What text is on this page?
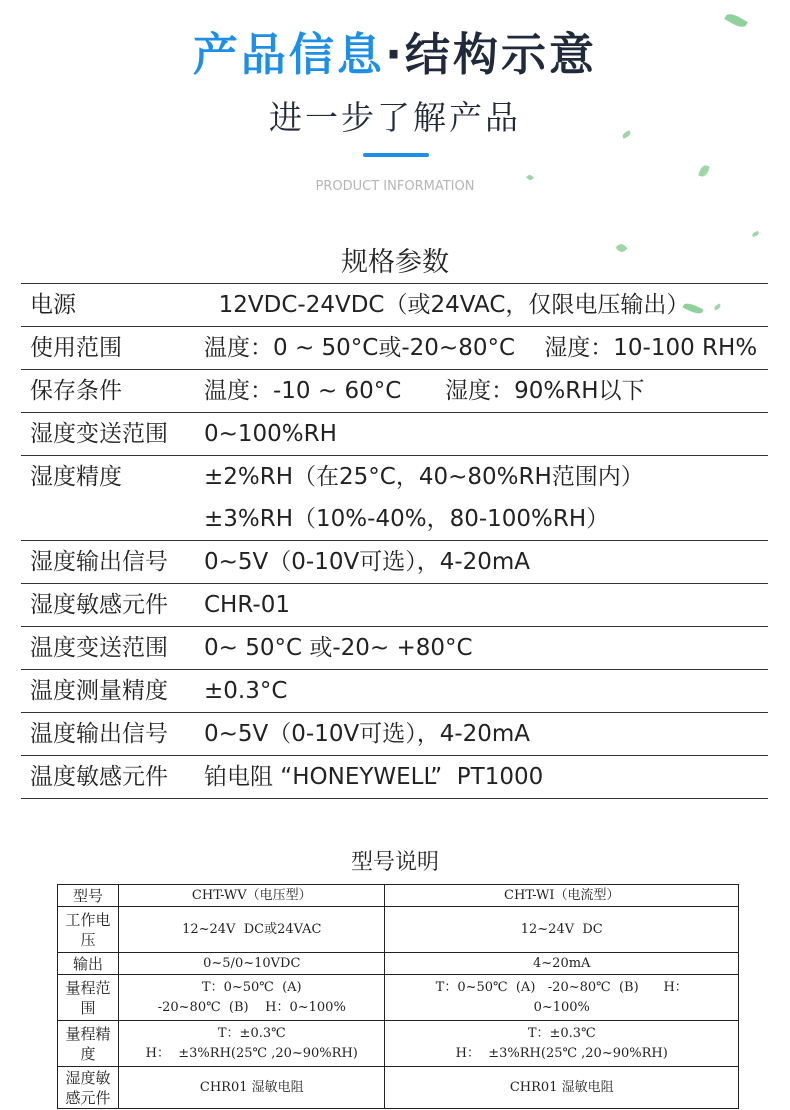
产品信息·结构示意
进一步了解产品
PRODUCT INFORMATION
规格参数
电源	12VDC-24VDC（或24VAC，仅限电压输出）

使用范围	温度：0 ~ 50°C或-20~80°C    湿度：10-100 RH%

保存条件	温度：-10 ~ 60°C      湿度：90%RH以下

湿度变送范围	0~100%RH

湿度精度	±2%RH（在25°C，40~80%RH范围内）
±3%RH（10%-40%，80-100%RH）

湿度输出信号	0~5V（0-10V可选），4-20mA

湿度敏感元件	CHR-01

温度变送范围	0~ 50°C 或-20~ +80°C

温度测量精度	±0.3°C

温度输出信号	0~5V（0-10V可选），4-20mA

温度敏感元件	铂电阻 “HONEYWELL”  PT1000
型号说明
型号	CHT-WV（电压型）	CHT-WI（电流型）

工作电
压	12~24V  DC或24VAC	12~24V  DC

输出	0~5/0~10VDC	4~20mA

量程范
围	T：0~50℃  (A)
-20~80℃  (B)    H：0~100%	T：0~50℃  (A)   -20~80℃  (B)      H：
0~100%

量程精
度	T：±0.3℃
H：  ±3%RH(25℃ ,20~90%RH)	T：±0.3℃
H：  ±3%RH(25℃ ,20~90%RH)

湿度敏
感元件	CHR01 湿敏电阻	CHR01 湿敏电阻
